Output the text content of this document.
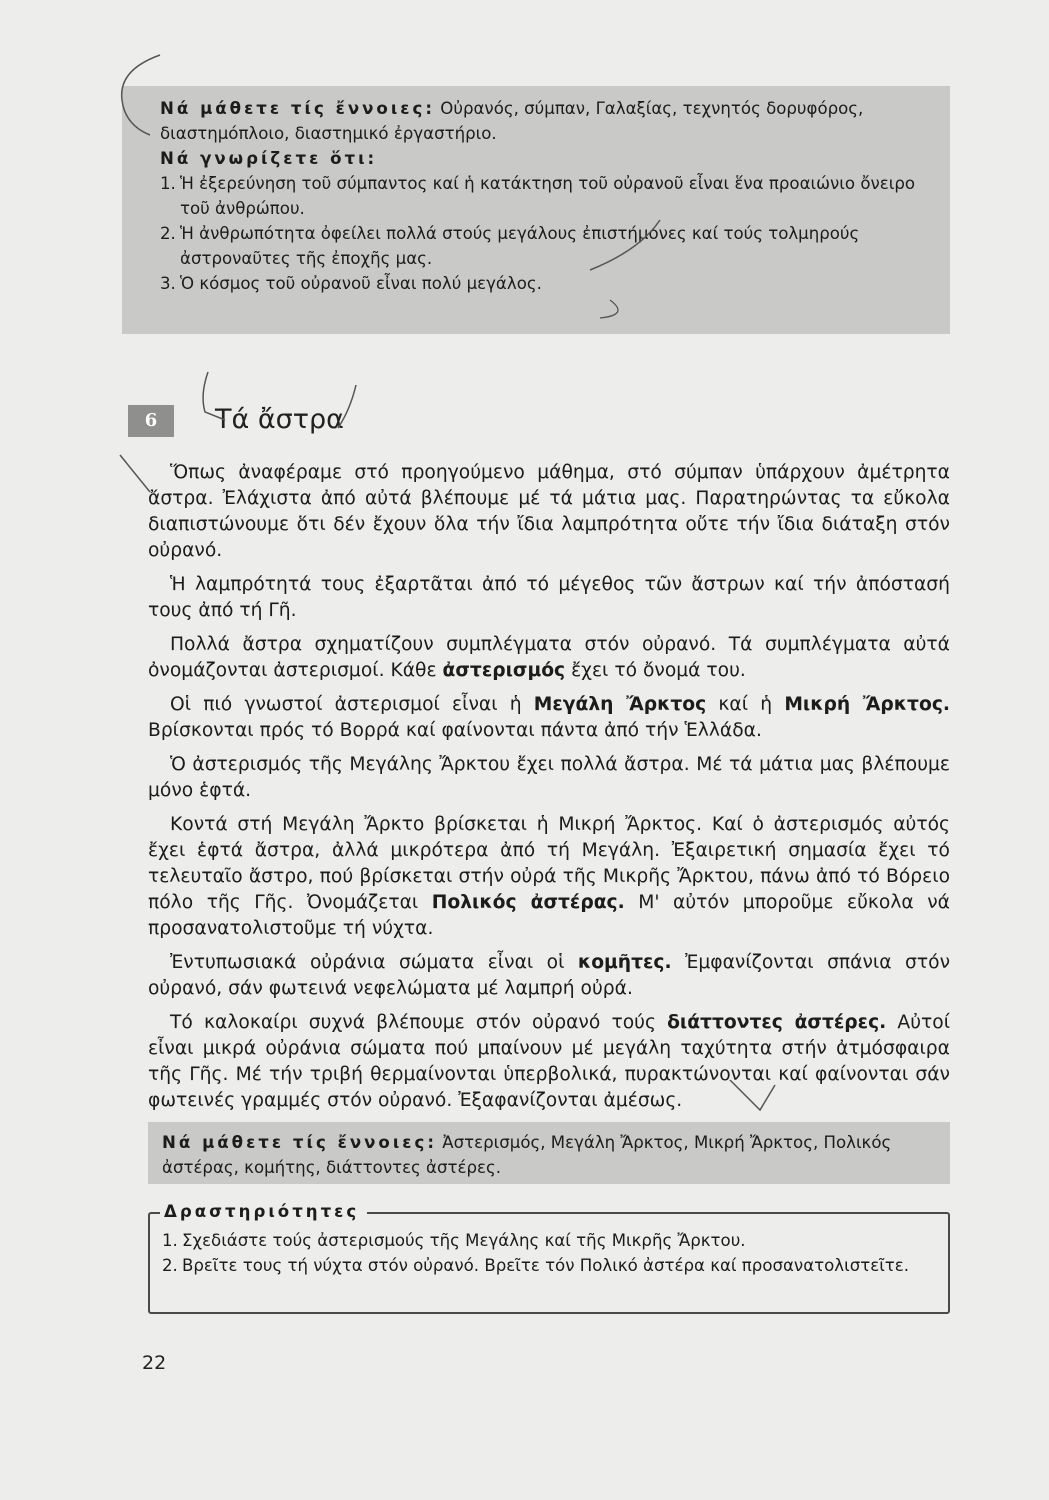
Νά μάθετε τίς ἔννοιες: Οὐρανός, σύμπαν, Γαλαξίας, τεχνητός δορυφόρος,
διαστημόπλοιο, διαστημικό ἐργαστήριο.
Νά γνωρίζετε ὅτι:
1. Ἡ ἐξερεύνηση τοῦ σύμπαντος καί ἡ κατάκτηση τοῦ οὐρανοῦ εἶναι ἕνα προαιώνιο ὄνειρο τοῦ ἀνθρώπου.
2. Ἡ ἀνθρωπότητα ὀφείλει πολλά στούς μεγάλους ἐπιστήμονες καί τούς τολμηρούς ἀστροναῦτες τῆς ἐποχῆς μας.
3. Ὁ κόσμος τοῦ οὐρανοῦ εἶναι πολύ μεγάλος.
6	Τά ἄστρα

Ὅπως ἀναφέραμε στό προηγούμενο μάθημα, στό σύμπαν ὑπάρχουν ἀμέτρητα ἄστρα. Ἐλάχιστα ἀπό αὐτά βλέπουμε μέ τά μάτια μας. Παρατηρώντας τα εὔκολα διαπιστώνουμε ὅτι δέν ἔχουν ὅλα τήν ἴδια λαμπρότητα οὔτε τήν ἴδια διάταξη στόν οὐρανό.

Ἡ λαμπρότητά τους ἐξαρτᾶται ἀπό τό μέγεθος τῶν ἄστρων καί τήν ἀπόστασή τους ἀπό τή Γῆ.

Πολλά ἄστρα σχηματίζουν συμπλέγματα στόν οὐρανό. Τά συμπλέγματα αὐτά ὀνομάζονται ἀστερισμοί. Κάθε ἀστερισμός ἔχει τό ὄνομά του.

Οἱ πιό γνωστοί ἀστερισμοί εἶναι ἡ Μεγάλη Ἄρκτος καί ἡ Μικρή Ἄρκτος. Βρίσκονται πρός τό Βορρά καί φαίνονται πάντα ἀπό τήν Ἑλλάδα.

Ὁ ἀστερισμός τῆς Μεγάλης Ἄρκτου ἔχει πολλά ἄστρα. Μέ τά μάτια μας βλέπουμε μόνο ἑφτά.

Κοντά στή Μεγάλη Ἄρκτο βρίσκεται ἡ Μικρή Ἄρκτος. Καί ὁ ἀστερισμός αὐτός ἔχει ἑφτά ἄστρα, ἀλλά μικρότερα ἀπό τή Μεγάλη. Ἐξαιρετική σημασία ἔχει τό τελευταῖο ἄστρο, πού βρίσκεται στήν οὐρά τῆς Μικρῆς Ἄρκτου, πάνω ἀπό τό Βόρειο πόλο τῆς Γῆς. Ὀνομάζεται Πολικός ἀστέρας. Μ' αὐτόν μποροῦμε εὔκολα νά προσανατολιστοῦμε τή νύχτα.

Ἐντυπωσιακά οὐράνια σώματα εἶναι οἱ κομῆτες. Ἐμφανίζονται σπάνια στόν οὐρανό, σάν φωτεινά νεφελώματα μέ λαμπρή οὐρά.

Τό καλοκαίρι συχνά βλέπουμε στόν οὐρανό τούς διάττοντες ἀστέρες. Αὐτοί εἶναι μικρά οὐράνια σώματα πού μπαίνουν μέ μεγάλη ταχύτητα στήν ἀτμόσφαιρα τῆς Γῆς. Μέ τήν τριβή θερμαίνονται ὑπερβολικά, πυρακτώνονται καί φαίνονται σάν φωτεινές γραμμές στόν οὐρανό. Ἐξαφανίζονται ἀμέσως.

Νά μάθετε τίς ἔννοιες: Ἀστερισμός, Μεγάλη Ἄρκτος, Μικρή Ἄρκτος, Πολικός ἀστέρας, κομήτης, διάττοντες ἀστέρες.
Δραστηριότητες
1. Σχεδιάστε τούς ἀστερισμούς τῆς Μεγάλης καί τῆς Μικρῆς Ἄρκτου.
2. Βρεῖτε τους τή νύχτα στόν οὐρανό. Βρεῖτε τόν Πολικό ἀστέρα καί προσανατολιστεῖτε.
22
